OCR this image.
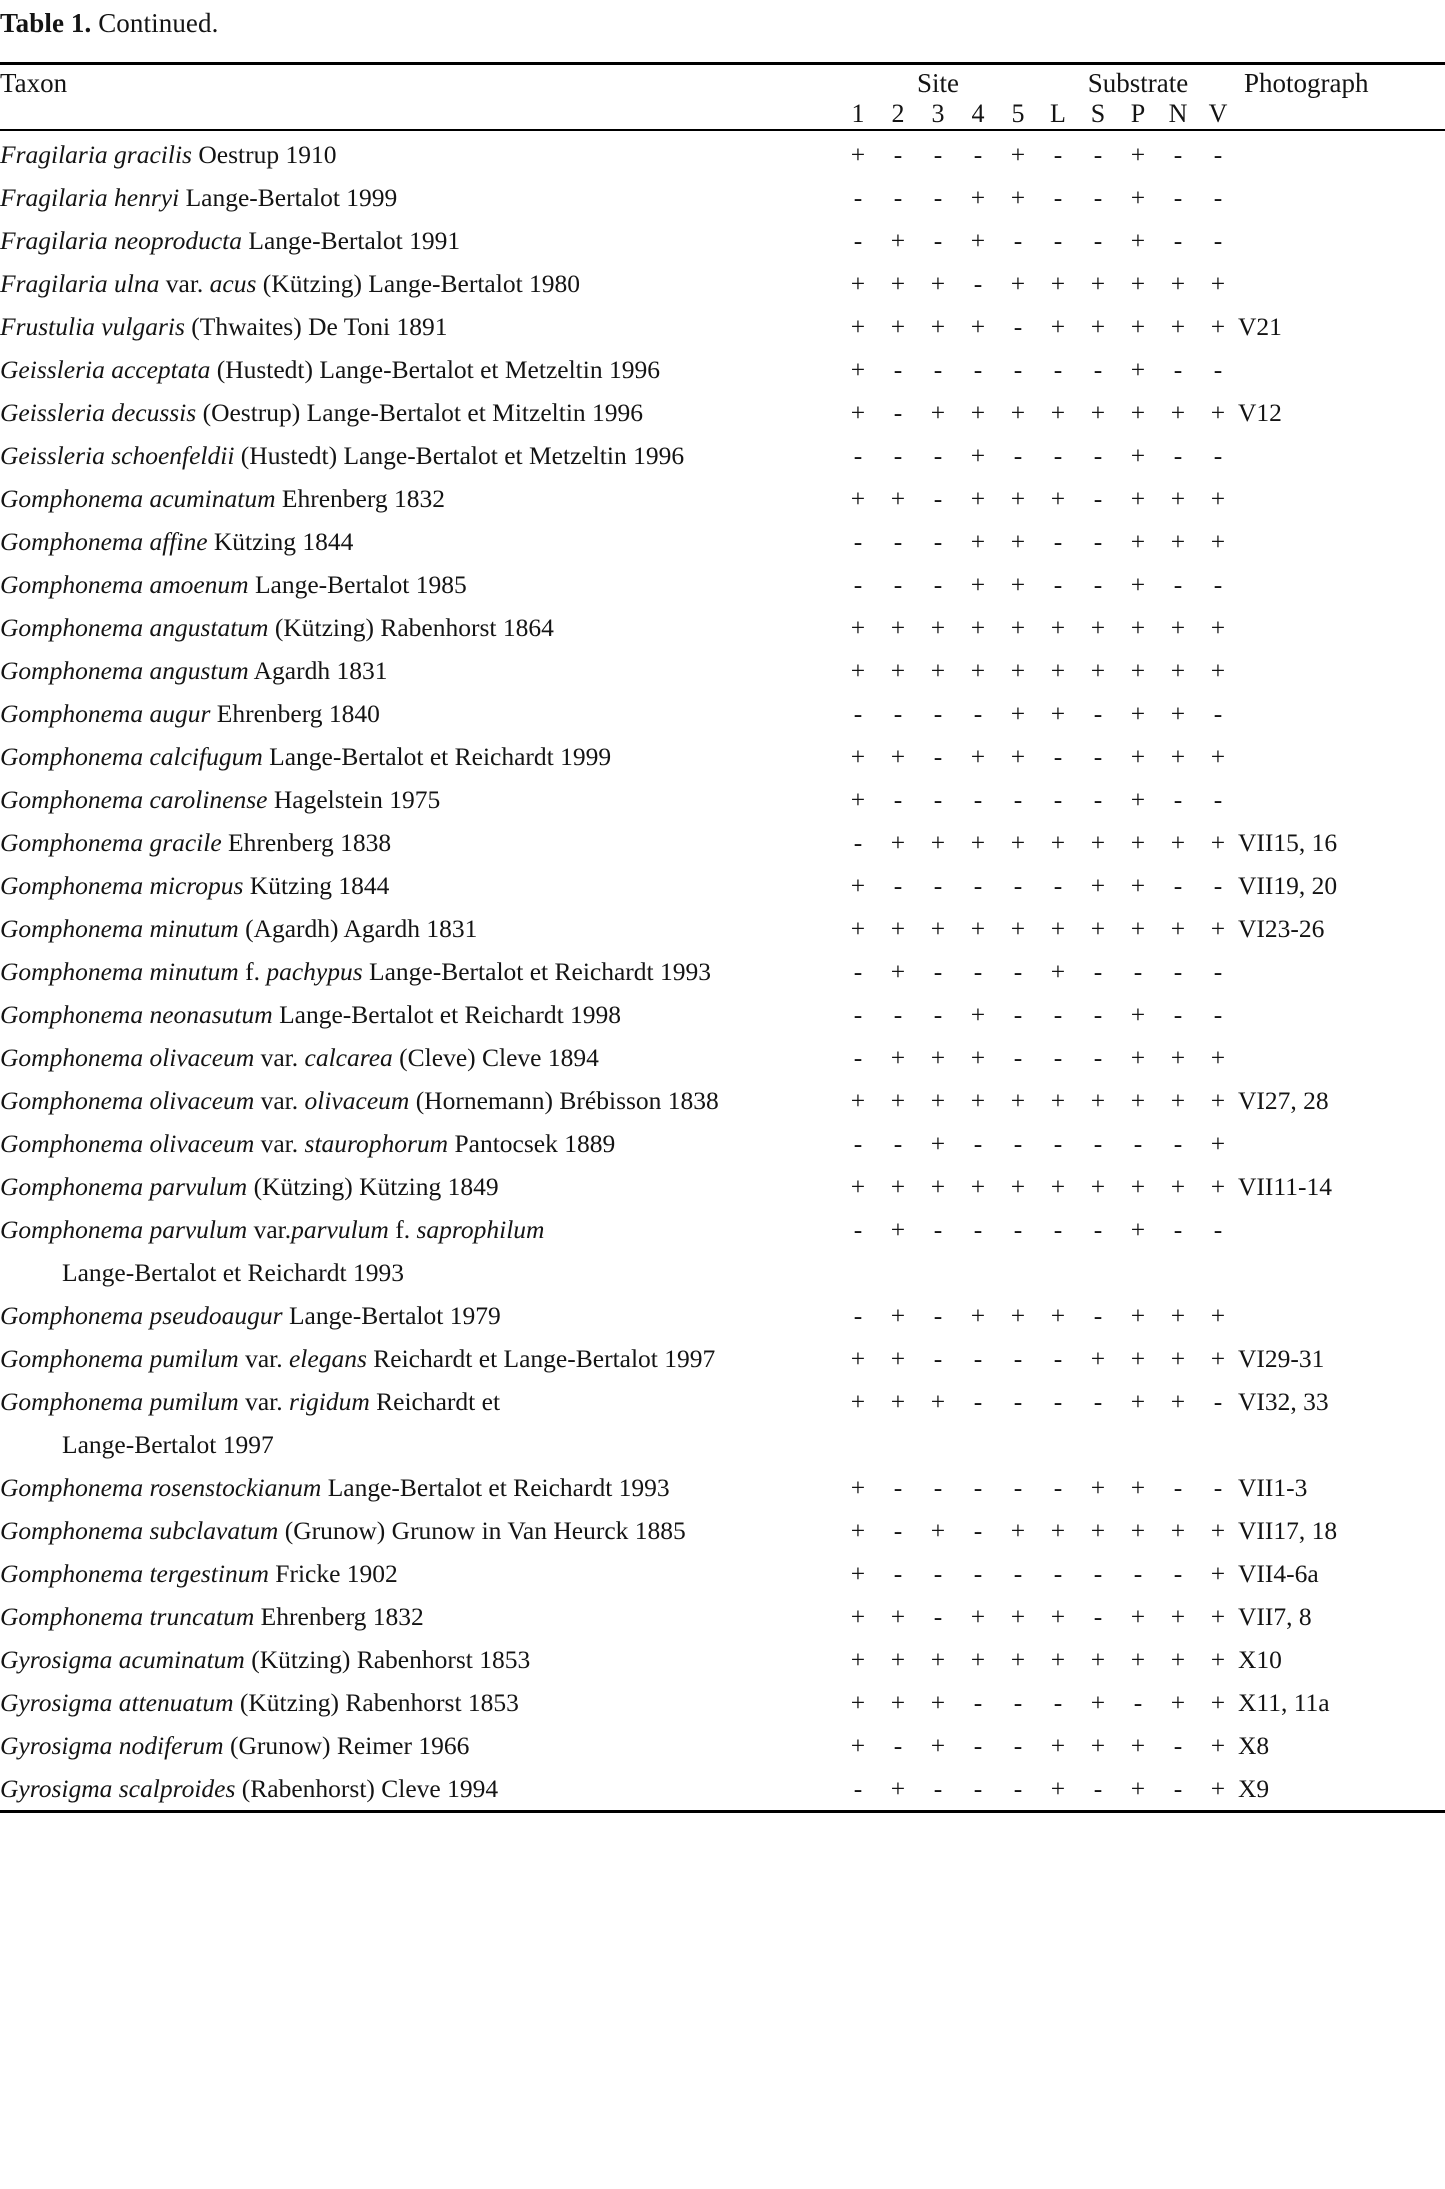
Table 1. Continued.

Taxon	Site					Substrate					Photograph
	1	2	3	4	5	L	S	P	N	V	

Fragilaria gracilis Oestrup 1910	+	-	-	-	+	-	-	+	-	-	
Fragilaria henryi Lange-Bertalot 1999	-	-	-	+	+	-	-	+	-	-	
Fragilaria neoproducta Lange-Bertalot 1991	-	+	-	+	-	-	-	+	-	-	
Fragilaria ulna var. acus (Kützing) Lange-Bertalot 1980	+	+	+	-	+	+	+	+	+	+	
Frustulia vulgaris (Thwaites) De Toni 1891	+	+	+	+	-	+	+	+	+	+	V21
Geissleria acceptata (Hustedt) Lange-Bertalot et Metzeltin 1996	+	-	-	-	-	-	-	+	-	-	
Geissleria decussis (Oestrup) Lange-Bertalot et Mitzeltin 1996	+	-	+	+	+	+	+	+	+	+	V12
Geissleria schoenfeldii (Hustedt) Lange-Bertalot et Metzeltin 1996	-	-	-	+	-	-	-	+	-	-	
Gomphonema acuminatum Ehrenberg 1832	+	+	-	+	+	+	-	+	+	+	
Gomphonema affine Kützing 1844	-	-	-	+	+	-	-	+	+	+	
Gomphonema amoenum Lange-Bertalot 1985	-	-	-	+	+	-	-	+	-	-	
Gomphonema angustatum (Kützing) Rabenhorst 1864	+	+	+	+	+	+	+	+	+	+	
Gomphonema angustum Agardh 1831	+	+	+	+	+	+	+	+	+	+	
Gomphonema augur Ehrenberg 1840	-	-	-	-	+	+	-	+	+	-	
Gomphonema calcifugum Lange-Bertalot et Reichardt 1999	+	+	-	+	+	-	-	+	+	+	
Gomphonema carolinense Hagelstein 1975	+	-	-	-	-	-	-	+	-	-	
Gomphonema gracile Ehrenberg 1838	-	+	+	+	+	+	+	+	+	+	VII15, 16
Gomphonema micropus Kützing 1844	+	-	-	-	-	-	+	+	-	-	VII19, 20
Gomphonema minutum (Agardh) Agardh 1831	+	+	+	+	+	+	+	+	+	+	VI23-26
Gomphonema minutum f. pachypus Lange-Bertalot et Reichardt 1993	-	+	-	-	-	+	-	-	-	-	
Gomphonema neonasutum Lange-Bertalot et Reichardt 1998	-	-	-	+	-	-	-	+	-	-	
Gomphonema olivaceum var. calcarea (Cleve) Cleve 1894	-	+	+	+	-	-	-	+	+	+	
Gomphonema olivaceum var. olivaceum (Hornemann) Brébisson 1838	+	+	+	+	+	+	+	+	+	+	VI27, 28
Gomphonema olivaceum var. staurophorum Pantocsek 1889	-	-	+	-	-	-	-	-	-	+	
Gomphonema parvulum (Kützing) Kützing 1849	+	+	+	+	+	+	+	+	+	+	VII11-14
Gomphonema parvulum var.parvulum f. saprophilum	-	+	-	-	-	-	-	+	-	-	
Lange-Bertalot et Reichardt 1993											
Gomphonema pseudoaugur Lange-Bertalot 1979	-	+	-	+	+	+	-	+	+	+	
Gomphonema pumilum var. elegans Reichardt et Lange-Bertalot 1997	+	+	-	-	-	-	+	+	+	+	VI29-31
Gomphonema pumilum var. rigidum Reichardt et	+	+	+	-	-	-	-	+	+	-	VI32, 33
Lange-Bertalot 1997											
Gomphonema rosenstockianum Lange-Bertalot et Reichardt 1993	+	-	-	-	-	-	+	+	-	-	VII1-3
Gomphonema subclavatum (Grunow) Grunow in Van Heurck 1885	+	-	+	-	+	+	+	+	+	+	VII17, 18
Gomphonema tergestinum Fricke 1902	+	-	-	-	-	-	-	-	-	+	VII4-6a
Gomphonema truncatum Ehrenberg 1832	+	+	-	+	+	+	-	+	+	+	VII7, 8
Gyrosigma acuminatum (Kützing) Rabenhorst 1853	+	+	+	+	+	+	+	+	+	+	X10
Gyrosigma attenuatum (Kützing) Rabenhorst 1853	+	+	+	-	-	-	+	-	+	+	X11, 11a
Gyrosigma nodiferum (Grunow) Reimer 1966	+	-	+	-	-	+	+	+	-	+	X8
Gyrosigma scalproides (Rabenhorst) Cleve 1994	-	+	-	-	-	+	-	+	-	+	X9
